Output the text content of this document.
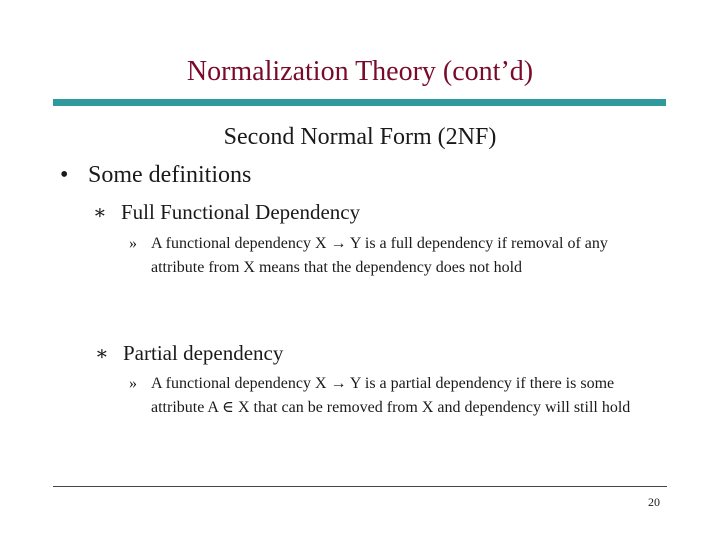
Normalization Theory (cont’d)
Second Normal Form (2NF)
• Some definitions
∗ Full Functional Dependency
» A functional dependency X → Y is a full dependency if removal of any attribute from X means that the dependency does not hold
∗ Partial dependency
» A functional dependency X → Y is a partial dependency if there is some attribute A ∈ X that can be removed from X and dependency will still hold
20
